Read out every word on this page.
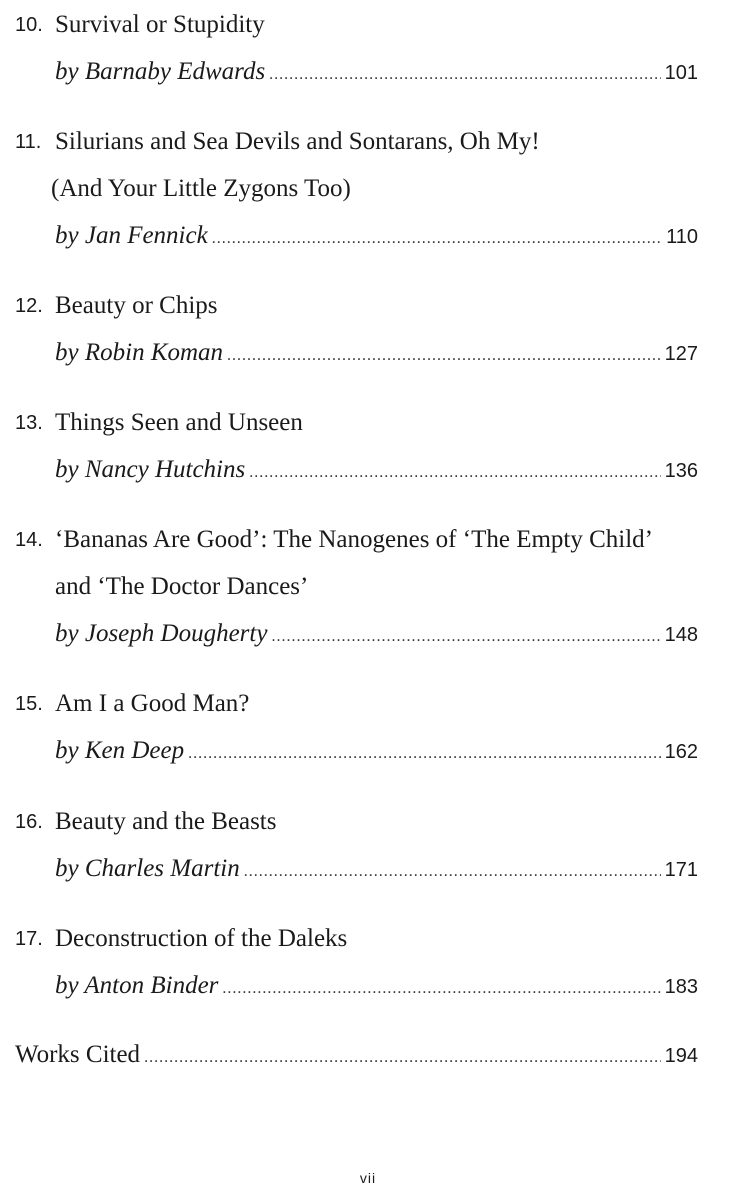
10. Survival or Stupidity
by Barnaby Edwards .....	101
11. Silurians and Sea Devils and Sontarans, Oh My!
(And Your Little Zygons Too)
by Jan Fennick .....	110
12. Beauty or Chips
by Robin Koman .....	127
13. Things Seen and Unseen
by Nancy Hutchins .....	136
14. ‘Bananas Are Good’: The Nanogenes of ‘The Empty Child’
and ‘The Doctor Dances’
by Joseph Dougherty .....	148
15. Am I a Good Man?
by Ken Deep .....	162
16. Beauty and the Beasts
by Charles Martin .....	171
17. Deconstruction of the Daleks
by Anton Binder .....	183
Works Cited .....	194
vii
